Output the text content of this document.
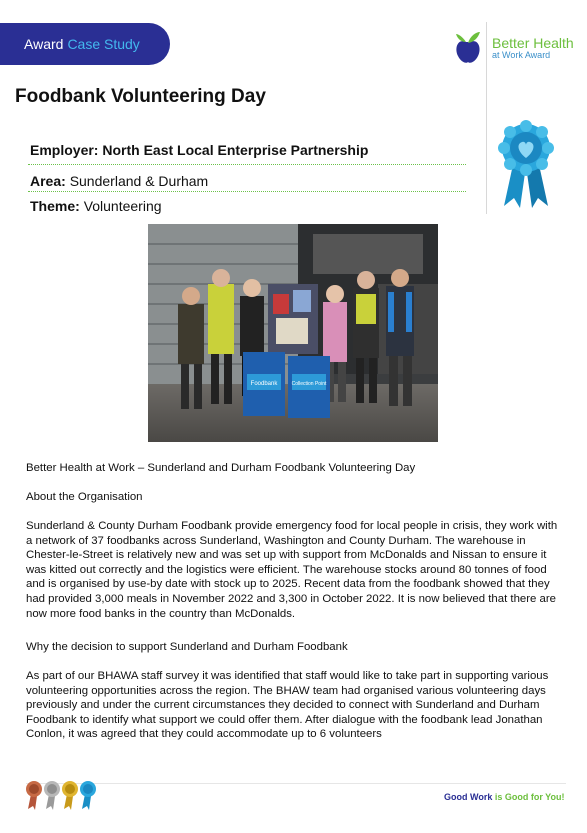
Award Case Study	Better Health
at Work Award
Foodbank Volunteering Day
Employer: North East Local Enterprise Partnership
Area: Sunderland & Durham
Theme: Volunteering
Foodbank	Collection Point

Better Health at Work – Sunderland and Durham Foodbank Volunteering Day

About the Organisation

Sunderland & County Durham Foodbank provide emergency food for local people in crisis, they work with a network of 37 foodbanks across Sunderland, Washington and County Durham. The warehouse in Chester-le-Street is relatively new and was set up with support from McDonalds and Nissan to ensure it was kitted out correctly and the logistics were efficient. The warehouse stocks around 80 tonnes of food and is organised by use-by date with stock up to 2025. Recent data from the foodbank showed that they had provided 3,000 meals in November 2022 and 3,300 in October 2022. It is now believed that there are now more food banks in the country than McDonalds.

Why the decision to support Sunderland and Durham Foodbank

As part of our BHAWA staff survey it was identified that staff would like to take part in supporting various volunteering opportunities across the region. The BHAW team had organised various volunteering days previously and under the current circumstances they decided to connect with Sunderland and Durham Foodbank to identify what support we could offer them. After dialogue with the foodbank lead Jonathan Conlon, it was agreed that they could accommodate up to 6 volunteers

Good Work is Good for You!
